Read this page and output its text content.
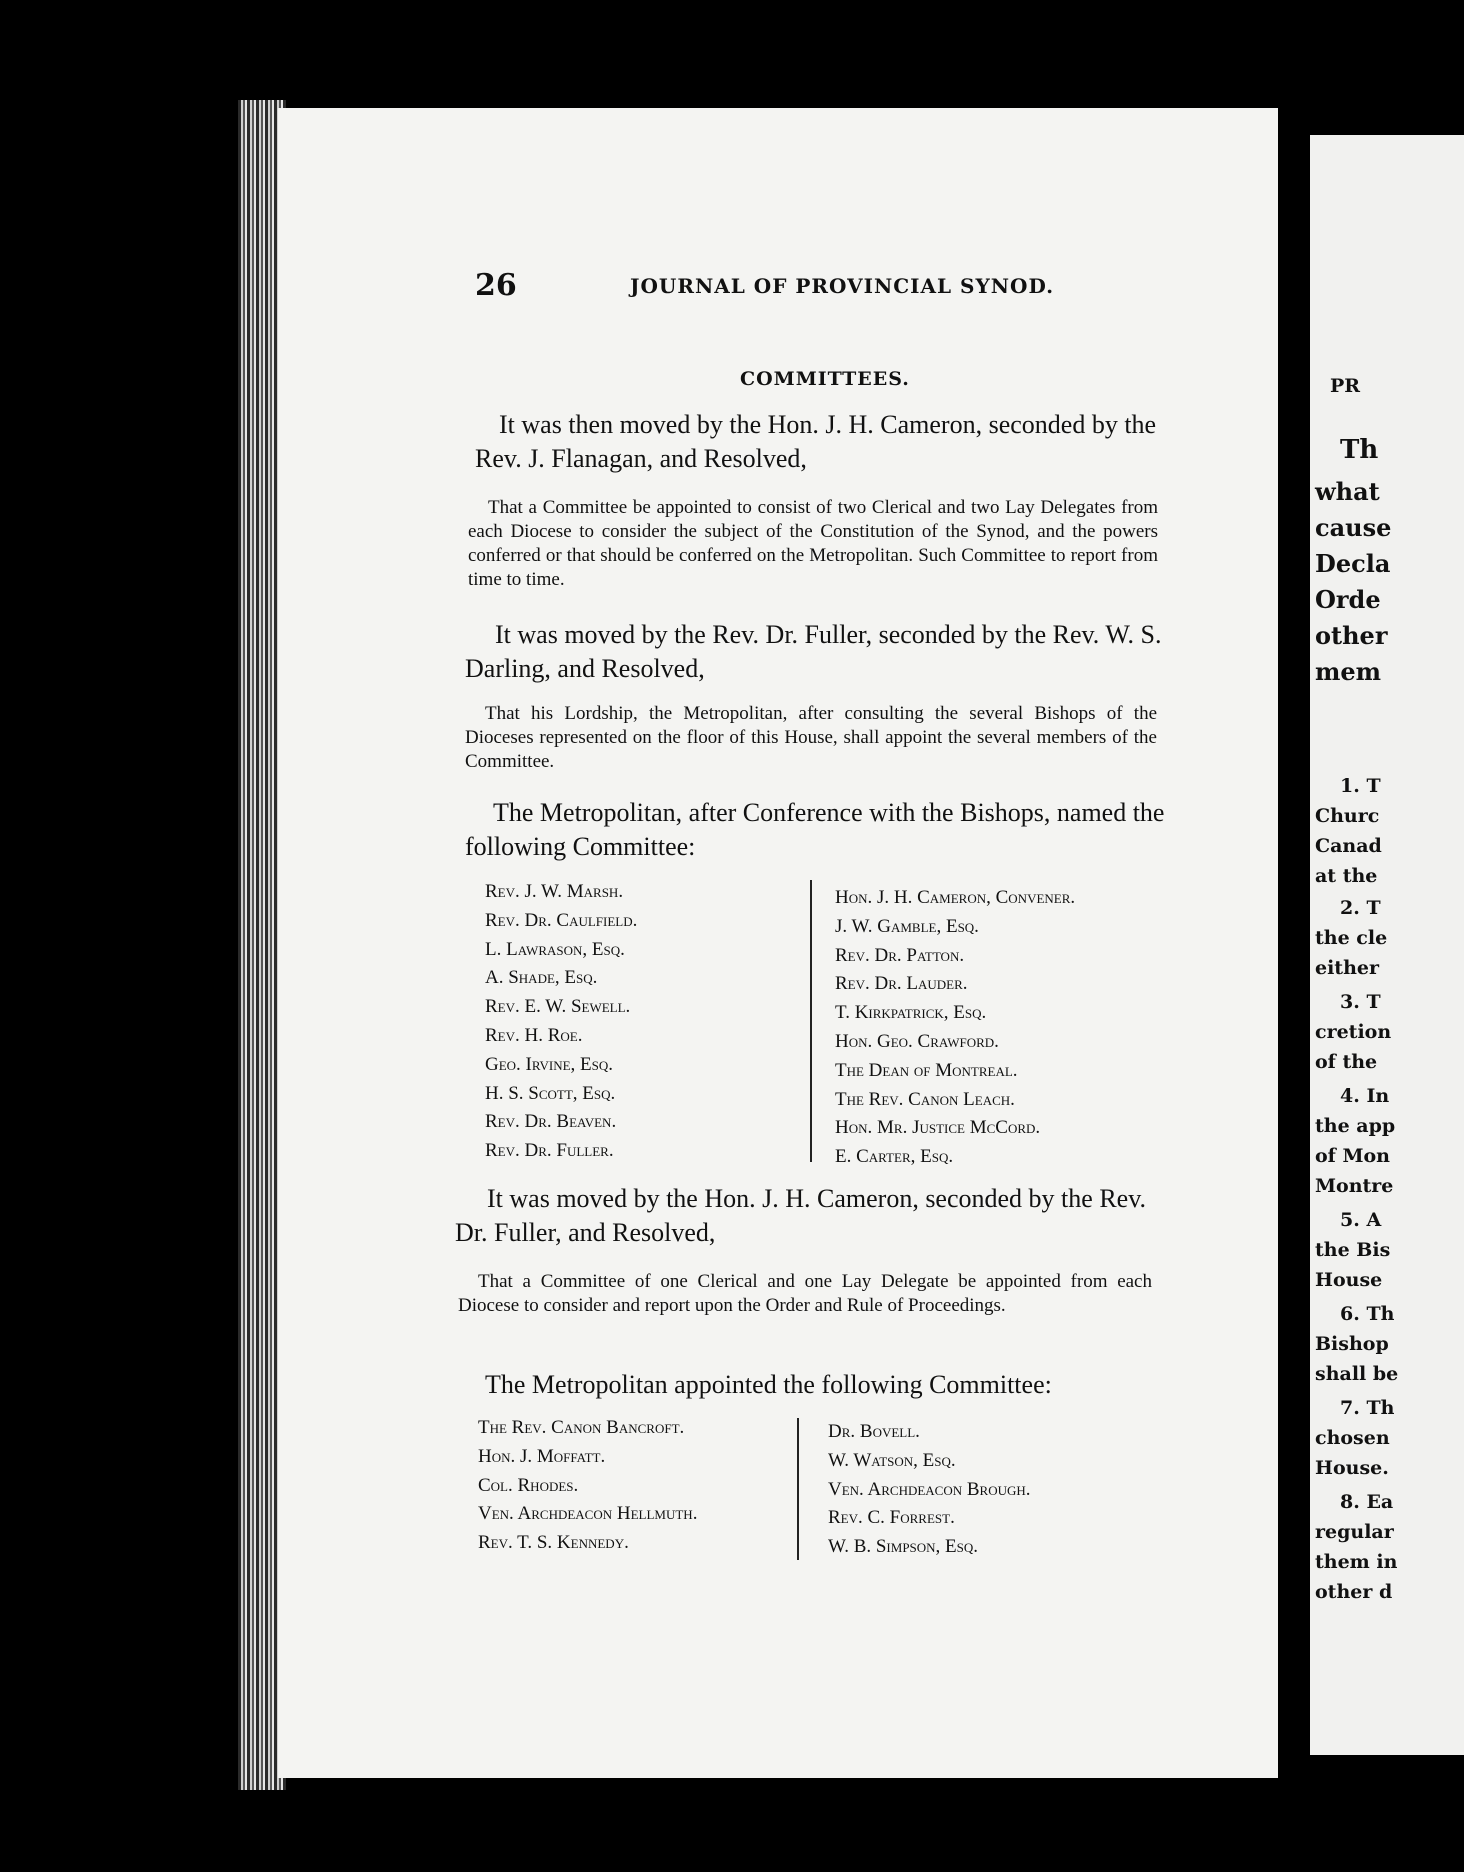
PR
Th
what
cause
Decla
Orde
other
mem
1. T
Churc
Canad
at the
2. T
the cle
either
3. T
cretion
of the
4. In
the app
of Mon
Montre
5. A
the Bis
House
6. Th
Bishop
shall be
7. Th
chosen
House.
8. Ea
regular
them in
other d
26	JOURNAL OF PROVINCIAL SYNOD.
COMMITTEES.
It was then moved by the Hon. J. H. Cameron, seconded by the Rev. J. Flanagan, and Resolved,
That a Committee be appointed to consist of two Clerical and two Lay Delegates from each Diocese to consider the subject of the Constitution of the Synod, and the powers conferred or that should be conferred on the Metropolitan. Such Committee to report from time to time.
It was moved by the Rev. Dr. Fuller, seconded by the Rev. W. S. Darling, and Resolved,
That his Lordship, the Metropolitan, after consulting the several Bishops of the Dioceses represented on the floor of this House, shall appoint the several members of the Committee.
The Metropolitan, after Conference with the Bishops, named the following Committee:
Rev. J. W. Marsh.
Rev. Dr. Caulfield.
L. Lawrason, Esq.
A. Shade, Esq.
Rev. E. W. Sewell.
Rev. H. Roe.
Geo. Irvine, Esq.
H. S. Scott, Esq.
Rev. Dr. Beaven.
Rev. Dr. Fuller.
Hon. J. H. Cameron, Convener.
J. W. Gamble, Esq.
Rev. Dr. Patton.
Rev. Dr. Lauder.
T. Kirkpatrick, Esq.
Hon. Geo. Crawford.
The Dean of Montreal.
The Rev. Canon Leach.
Hon. Mr. Justice McCord.
E. Carter, Esq.
It was moved by the Hon. J. H. Cameron, seconded by the Rev. Dr. Fuller, and Resolved,
That a Committee of one Clerical and one Lay Delegate be appointed from each Diocese to consider and report upon the Order and Rule of Proceedings.
The Metropolitan appointed the following Committee:
The Rev. Canon Bancroft.
Hon. J. Moffatt.
Col. Rhodes.
Ven. Archdeacon Hellmuth.
Rev. T. S. Kennedy.
Dr. Bovell.
W. Watson, Esq.
Ven. Archdeacon Brough.
Rev. C. Forrest.
W. B. Simpson, Esq.
